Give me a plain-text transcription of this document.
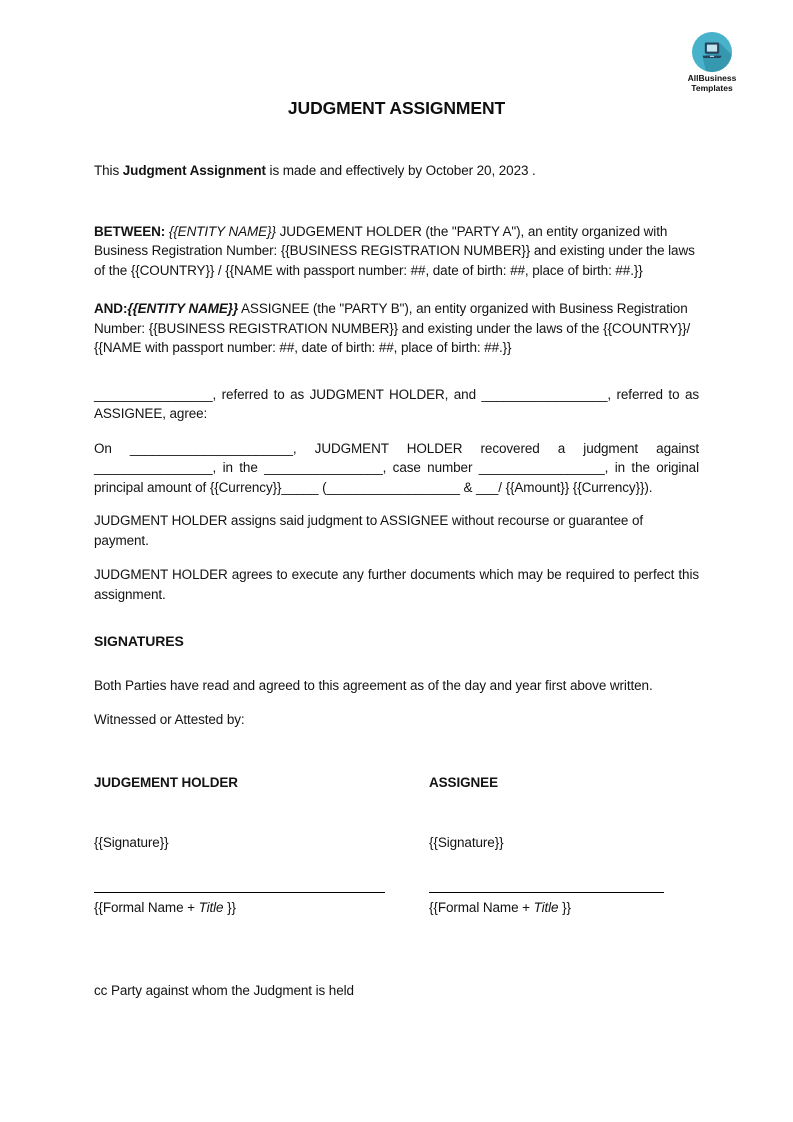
AllBusiness
Templates
JUDGMENT ASSIGNMENT

This Judgment Assignment is made and effectively by October 20, 2023 .

BETWEEN: {{ENTITY NAME}} JUDGEMENT HOLDER (the "PARTY A"), an entity organized with Business Registration Number: {{BUSINESS REGISTRATION NUMBER}} and existing under the laws of the {{COUNTRY}} / {{NAME with passport number: ##, date of birth: ##, place of birth: ##.}}

AND:{{ENTITY NAME}} ASSIGNEE (the "PARTY B"), an entity organized with Business Registration Number: {{BUSINESS REGISTRATION NUMBER}} and existing under the laws of the {{COUNTRY}}/ {{NAME with passport number: ##, date of birth: ##, place of birth: ##.}}

________________, referred to as JUDGMENT HOLDER, and _________________, referred to as ASSIGNEE, agree:

On ______________________, JUDGMENT HOLDER recovered a judgment against ________________, in the ________________, case number _________________, in the original principal amount of {{Currency}}_____ (__________________ & ___/ {{Amount}} {{Currency}}).

JUDGMENT HOLDER assigns said judgment to ASSIGNEE without recourse or guarantee of payment.

JUDGMENT HOLDER agrees to execute any further documents which may be required to perfect this assignment.

SIGNATURES

Both Parties have read and agreed to this agreement as of the day and year first above written.

Witnessed or Attested by:

JUDGEMENT HOLDER
{{Signature}}
{{Formal Name + Title }}
ASSIGNEE
{{Signature}}
{{Formal Name + Title }}

cc Party against whom the Judgment is held
